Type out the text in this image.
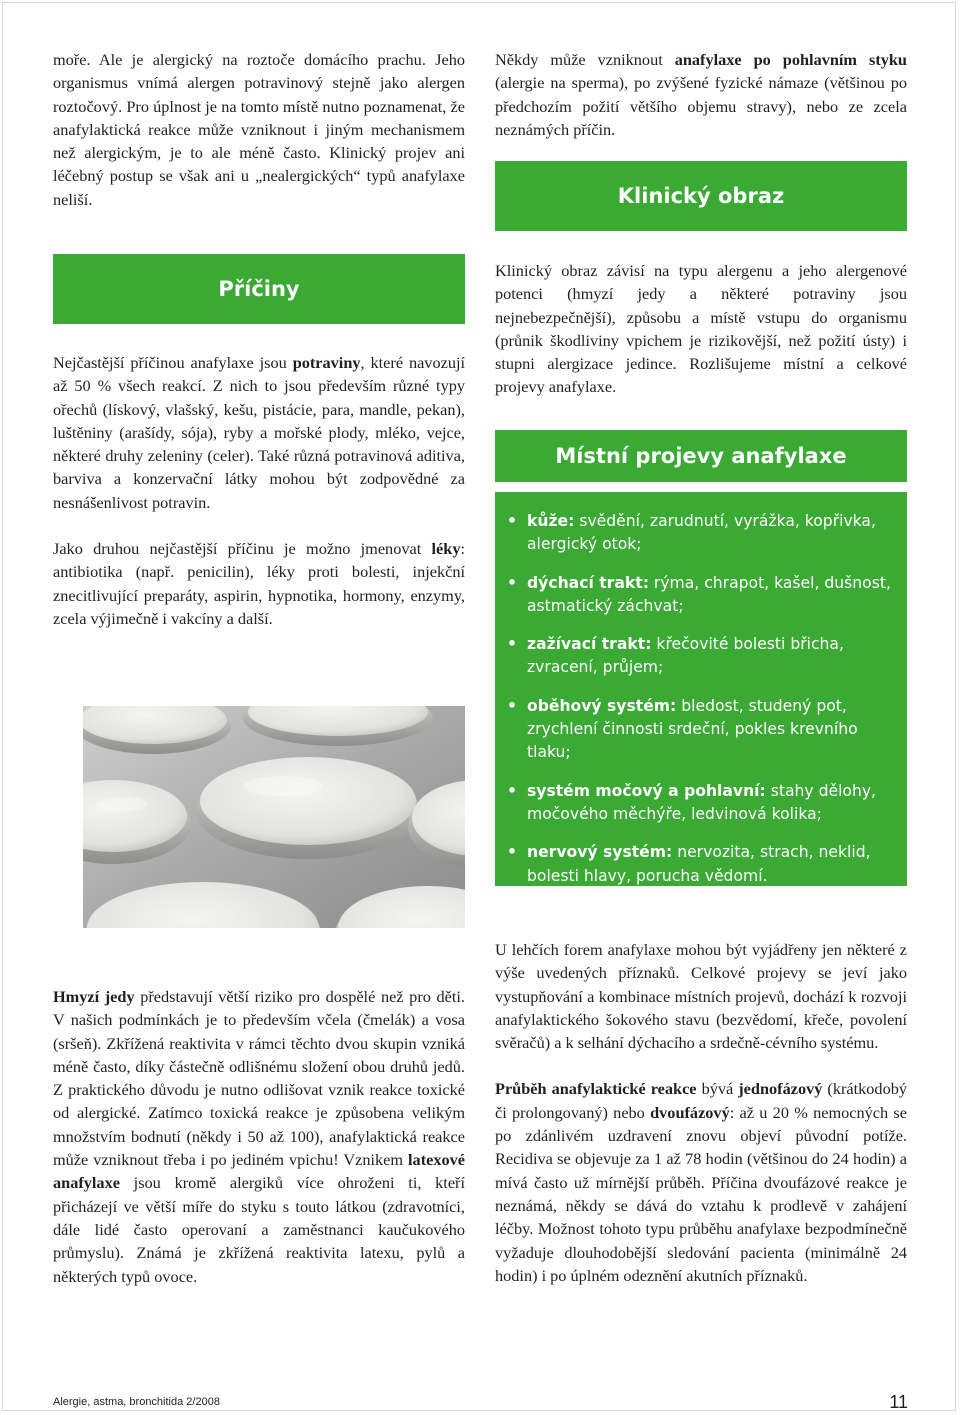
moře. Ale je alergický na roztoče domácího prachu. Jeho organismus vnímá alergen potravinový stejně jako alergen roztočový. Pro úplnost je na tomto místě nutno poznamenat, že anafylaktická reakce může vzniknout i jiným mechanismem než alergickým, je to ale méně často. Klinický projev ani léčebný postup se však ani u „nealergických“ typů anafylaxe neliší.

Příčiny

Nejčastější příčinou anafylaxe jsou potraviny, které navozují až 50 % všech reakcí. Z nich to jsou především různé typy ořechů (lískový, vlašský, kešu, pistácie, para, mandle, pekan), luštěniny (arašídy, sója), ryby a mořské plody, mléko, vejce, některé druhy zeleniny (celer). Také různá potravinová aditiva, barviva a konzervační látky mohou být zodpovědné za nesnášenlivost potravin.

Jako druhou nejčastější příčinu je možno jmenovat léky: antibiotika (např. penicilin), léky proti bolesti, injekční znecitlivující preparáty, aspirin, hypnotika, hormony, enzymy, zcela výjimečně i vakcíny a další.

Hmyzí jedy představují větší riziko pro dospělé než pro děti. V našich podmínkách je to především včela (čmelák) a vosa (sršeň). Zkřížená reaktivita v rámci těchto dvou skupin vzniká méně často, díky částečně odlišnému složení obou druhů jedů. Z praktického důvodu je nutno odlišovat vznik reakce toxické od alergické. Zatímco toxická reakce je způsobena velikým množstvím bodnutí (někdy i 50 až 100), anafylaktická reakce může vzniknout třeba i po jediném vpichu! Vznikem latexové anafylaxe jsou kromě alergiků více ohroženi ti, kteří přicházejí ve větší míře do styku s touto látkou (zdravotníci, dále lidé často operovaní a zaměstnanci kaučukového průmyslu). Známá je zkřížená reaktivita latexu, pylů a některých typů ovoce.

Někdy může vzniknout anafylaxe po pohlavním styku (alergie na sperma), po zvýšené fyzické námaze (většinou po předchozím požití většího objemu stravy), nebo ze zcela neznámých příčin.

Klinický obraz

Klinický obraz závisí na typu alergenu a jeho alergenové potenci (hmyzí jedy a některé potraviny jsou nejnebezpečnější), způsobu a místě vstupu do organismu (průnik škodliviny vpichem je rizikovější, než požití ústy) i stupni alergizace jedince. Rozlišujeme místní a celkové projevy anafylaxe.

Místní projevy anafylaxe
• kůže: svědění, zarudnutí, vyrážka, kopřivka, alergický otok;
• dýchací trakt: rýma, chrapot, kašel, dušnost, astmatický záchvat;
• zažívací trakt: křečovité bolesti břicha, zvracení, průjem;
• oběhový systém: bledost, studený pot, zrychlení činnosti srdeční, pokles krevního tlaku;
• systém močový a pohlavní: stahy dělohy, močového měchýře, ledvinová kolika;
• nervový systém: nervozita, strach, neklid, bolesti hlavy, porucha vědomí.

U lehčích forem anafylaxe mohou být vyjádřeny jen některé z výše uvedených příznaků. Celkové projevy se jeví jako vystupňování a kombinace místních projevů, dochází k rozvoji anafylaktického šokového stavu (bezvědomí, křeče, povolení svěračů) a k selhání dýchacího a srdečně-cévního systému.

Průběh anafylaktické reakce bývá jednofázový (krátkodobý či prolongovaný) nebo dvoufázový: až u 20 % nemocných se po zdánlivém uzdravení znovu objeví původní potíže. Recidiva se objevuje za 1 až 78 hodin (většinou do 24 hodin) a mívá často už mírnější průběh. Příčina dvoufázové reakce je neznámá, někdy se dává do vztahu k prodlevě v zahájení léčby. Možnost tohoto typu průběhu anafylaxe bezpodmínečně vyžaduje dlouhodobější sledování pacienta (minimálně 24 hodin) i po úplném odeznění akutních příznaků.

Alergie, astma, bronchitida 2/2008	11
